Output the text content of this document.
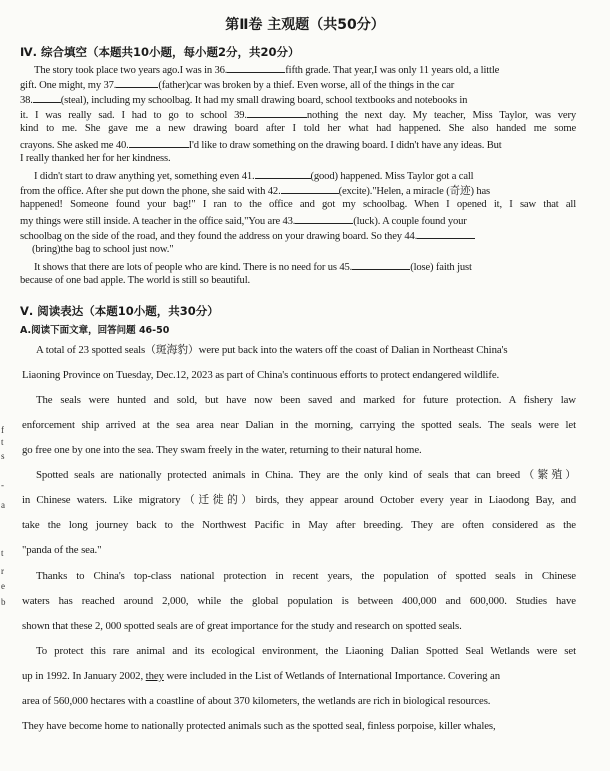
第Ⅱ卷 主观题（共50分）
Ⅳ. 综合填空（本题共10小题，每小题2分，共20分）
The story took place two years ago.I was in 36.	fifth grade. That year,I was only 11 years old, a little
gift. One might, my 37.	(father)car was broken by a thief. Even worse, all of the things in the car
38.	(steal), including my schoolbag. It had my small drawing board, school textbooks and notebooks in
it. I was really sad. I had to go to school 39.	nothing the next day. My teacher, Miss Taylor, was very
kind to me. She gave me a new drawing board after I told her what had happened. She also handed me some
crayons. She asked me 40.	I'd like to draw something on the drawing board. I didn't have any ideas. But
I really thanked her for her kindness.
I didn't start to draw anything yet, something even 41.	(good) happened. Miss Taylor got a call
from the office. After she put down the phone, she said with 42.	(excite)."Helen, a miracle (奇迹) has
happened! Someone found your bag!" I ran to the office and got my schoolbag. When I opened it, I saw that all
my things were still inside. A teacher in the office said,"You are 43.	(luck). A couple found your
schoolbag on the side of the road, and they found the address on your drawing board. So they 44.
(bring)the bag to school just now."
It shows that there are lots of people who are kind. There is no need for us 45.	(lose) faith just
because of one bad apple. The world is still so beautiful.
Ⅴ. 阅读表达（本题10小题，共30分）
A.阅读下面文章，回答问题 46-50
A total of 23 spotted seals（斑海豹）were put back into the waters off the coast of Dalian in Northeast China's
Liaoning Province on Tuesday, Dec.12, 2023 as part of China's continuous efforts to protect endangered wildlife.
The seals were hunted and sold, but have now been saved and marked for future protection. A fishery law
enforcement ship arrived at the sea area near Dalian in the morning, carrying the spotted seals. The seals were let
go free one by one into the sea. They swam freely in the water, returning to their natural home.
Spotted seals are nationally protected animals in China. They are the only kind of seals that can breed（繁殖）
in Chinese waters. Like migratory（迁徙的）birds, they appear around October every year in Liaodong Bay, and
take the long journey back to the Northwest Pacific in May after breeding. They are often considered as the
"panda of the sea."
Thanks to China's top-class national protection in recent years, the population of spotted seals in Chinese
waters has reached around 2,000, while the global population is between 400,000 and 600,000. Studies have
shown that these 2, 000 spotted seals are of great importance for the study and research on spotted seals.
To protect this rare animal and its ecological environment, the Liaoning Dalian Spotted Seal Wetlands were set
up in 1992. In January 2002, they were included in the List of Wetlands of International Importance. Covering an
area of 560,000 hectares with a coastline of about 370 kilometers, the wetlands are rich in biological resources.
They have become home to nationally protected animals such as the spotted seal, finless porpoise, killer whales,
f
t
s
-
a
t
r
e
b
